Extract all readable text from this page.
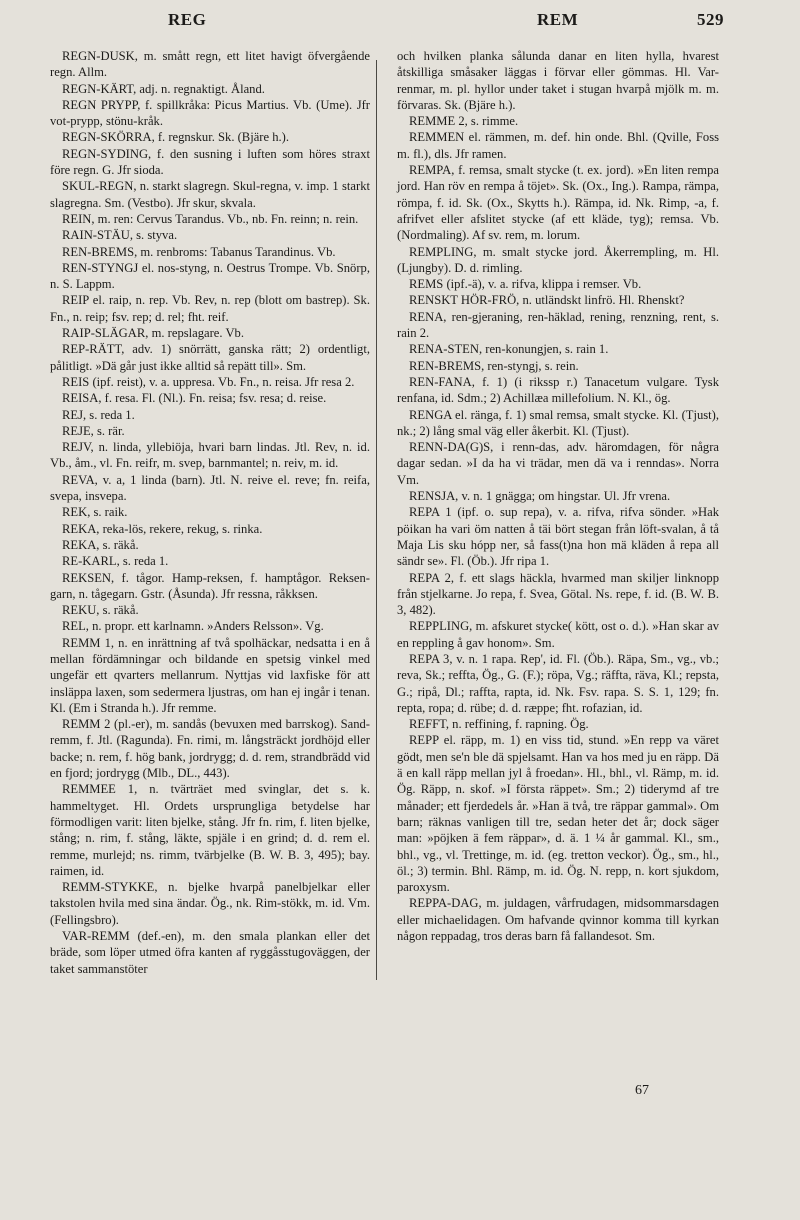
REG	REM	529

REGN-DUSK, m. smått regn, ett litet havigt öfvergående regn. Allm.

REGN-KÄRT, adj. n. regnaktigt. Åland.

REGN PRYPP, f. spillkråka: Picus Martius. Vb. (Ume). Jfr vot-prypp, stönu-kråk.

REGN-SKÖRRA, f. regnskur. Sk. (Bjäre h.).

REGN-SYDING, f. den susning i luften som höres straxt före regn. G. Jfr sioda.

SKUL-REGN, n. starkt slagregn. Skul-regna, v. imp. 1 starkt slagregna. Sm. (Vestbo). Jfr skur, skvala.

REIN, m. ren: Cervus Tarandus. Vb., nb. Fn. reinn; n. rein.

RAIN-STÄU, s. styva.

REN-BREMS, m. renbroms: Tabanus Tarandinus. Vb.

REN-STYNGJ el. nos-styng, n. Oestrus Trompe. Vb. Snörp, n. S. Lappm.

REIP el. raip, n. rep. Vb. Rev, n. rep (blott om bastrep). Sk. Fn., n. reip; fsv. rep; d. rel; fht. reif.

RAIP-SLÄGAR, m. repslagare. Vb.

REP-RÄTT, adv. 1) snörrätt, ganska rätt; 2) ordentligt, pålitligt. »Dä går just ikke alltid så repätt till». Sm.

REIS (ipf. reist), v. a. uppresa. Vb. Fn., n. reisa. Jfr resa 2.

REISA, f. resa. Fl. (Nl.). Fn. reisa; fsv. resa; d. reise.

REJ, s. reda 1.

REJE, s. rär.

REJV, n. linda, yllebiöja, hvari barn lindas. Jtl. Rev, n. id. Vb., åm., vl. Fn. reifr, m. svep, barnmantel; n. reiv, m. id.

REVA, v. a, 1 linda (barn). Jtl. N. reive el. reve; fn. reifa, svepa, insvepa.

REK, s. raik.

REKA, reka-lös, rekere, rekug, s. rinka.

REKA, s. räkå.

RE-KARL, s. reda 1.

REKSEN, f. tågor. Hamp-reksen, f. hamptågor. Reksen-garn, n. tågegarn. Gstr. (Åsunda). Jfr ressna, råkksen.

REKU, s. räkå.

REL, n. propr. ett karlnamn. »Anders Relsson». Vg.

REMM 1, n. en inrättning af två spolhäckar, nedsatta i en å mellan fördämningar och bildande en spetsig vinkel med ungefär ett qvarters mellanrum. Nyttjas vid laxfiske för att insläppa laxen, som sedermera ljustras, om han ej ingår i tenan. Kl. (Em i Stranda h.). Jfr remme.

REMM 2 (pl.-er), m. sandås (bevuxen med barrskog). Sand-remm, f. Jtl. (Ragunda). Fn. rimi, m. långsträckt jordhöjd eller backe; n. rem, f. hög bank, jordrygg; d. d. rem, strandbrädd vid en fjord; jordrygg (Mlb., DL., 443).

REMMEE 1, n. tvärträet med svinglar, det s. k. hammeltyget. Hl. Ordets ursprungliga betydelse har förmodligen varit: liten bjelke, stång. Jfr fn. rim, f. liten bjelke, stång; n. rim, f. stång, läkte, spjäle i en grind; d. d. rem el. remme, murlejd; ns. rimm, tvärbjelke (B. W. B. 3, 495); bay. raimen, id.

REMM-STYKKE, n. bjelke hvarpå panelbjelkar eller takstolen hvila med sina ändar. Ög., nk. Rim-stökk, m. id. Vm. (Fellingsbro).

VAR-REMM (def.-en), m. den smala plankan eller det bräde, som löper utmed öfra kanten af ryggåsstugoväggen, der taket sammanstöter

och hvilken planka sålunda danar en liten hylla, hvarest åtskilliga småsaker läggas i förvar eller gömmas. Hl. Var-renmar, m. pl. hyllor under taket i stugan hvarpå mjölk m. m. förvaras. Sk. (Bjäre h.).

REMME 2, s. rimme.

REMMEN el. rämmen, m. def. hin onde. Bhl. (Qville, Foss m. fl.), dls. Jfr ramen.

REMPA, f. remsa, smalt stycke (t. ex. jord). »En liten rempa jord. Han röv en rempa å töjet». Sk. (Ox., Ing.). Rampa, rämpa, römpa, f. id. Sk. (Ox., Skytts h.). Rämpa, id. Nk. Rimp, -a, f. afrifvet eller afslitet stycke (af ett kläde, tyg); remsa. Vb. (Nordmaling). Af sv. rem, m. lorum.

REMPLING, m. smalt stycke jord. Åkerrempling, m. Hl. (Ljungby). D. d. rimling.

REMS (ipf.-ä), v. a. rifva, klippa i remser. Vb.

RENSKT HÖR-FRÖ, n. utländskt linfrö. Hl. Rhenskt?

RENA, ren-gjeraning, ren-häklad, rening, renzning, rent, s. rain 2.

RENA-STEN, ren-konungjen, s. rain 1.

REN-BREMS, ren-styngj, s. rein.

REN-FANA, f. 1) (i rikssp r.) Tanacetum vulgare. Tysk renfana, id. Sdm.; 2) Achillæa millefolium. N. Kl., ög.

RENGA el. ränga, f. 1) smal remsa, smalt stycke. Kl. (Tjust), nk.; 2) lång smal väg eller åkerbit. Kl. (Tjust).

RENN-DA(G)S, i renn-das, adv. häromdagen, för några dagar sedan. »I da ha vi trädar, men dä va i renndas». Norra Vm.

RENSJA, v. n. 1 gnägga; om hingstar. Ul. Jfr vrena.

REPA 1 (ipf. o. sup repa), v. a. rifva, rifva sönder. »Hak pöikan ha vari öm natten å täi bört stegan från löft-svalan, å tå Maja Lis sku hópp ner, så fass(t)na hon mä kläden å repa all sändr se». Fl. (Öb.). Jfr ripa 1.

REPA 2, f. ett slags häckla, hvarmed man skiljer linknopp från stjelkarne. Jo repa, f. Svea, Götal. Ns. repe, f. id. (B. W. B. 3, 482).

REPPLING, m. afskuret stycke( kött, ost o. d.). »Han skar av en reppling å gav honom». Sm.

REPA 3, v. n. 1 rapa. Rep', id. Fl. (Öb.). Räpa, Sm., vg., vb.; reva, Sk.; reffta, Ög., G. (F.); röpa, Vg.; räffta, räva, Kl.; repsta, G.; ripå, Dl.; raffta, rapta, id. Nk. Fsv. rapa. S. S. 1, 129; fn. repta, ropa; d. rübe; d. d. ræppe; fht. rofazian, id.

REFFT, n. reffining, f. rapning. Ög.

REPP el. räpp, m. 1) en viss tid, stund. »En repp va väret gödt, men se'n ble dä spjelsamt. Han va hos med ju en räpp. Dä ä en kall räpp mellan jyl å froedan». Hl., bhl., vl. Rämp, m. id. Ög. Räpp, n. skof. »I första räppet». Sm.; 2) tiderymd af tre månader; ett fjerdedels år. »Han ä två, tre räppar gammal». Om barn; räknas vanligen till tre, sedan heter det år; dock säger man: »pöjken ä fem räppar», d. ä. 1 ¼ år gammal. Kl., sm., bhl., vg., vl. Trettinge, m. id. (eg. tretton veckor). Ög., sm., hl., öl.; 3) termin. Bhl. Rämp, m. id. Ög. N. repp, n. kort sjukdom, paroxysm.

REPPA-DAG, m. juldagen, vårfrudagen, midsommarsdagen eller michaelidagen. Om hafvande qvinnor komma till kyrkan någon reppadag, tros deras barn få fallandesot. Sm.

67
